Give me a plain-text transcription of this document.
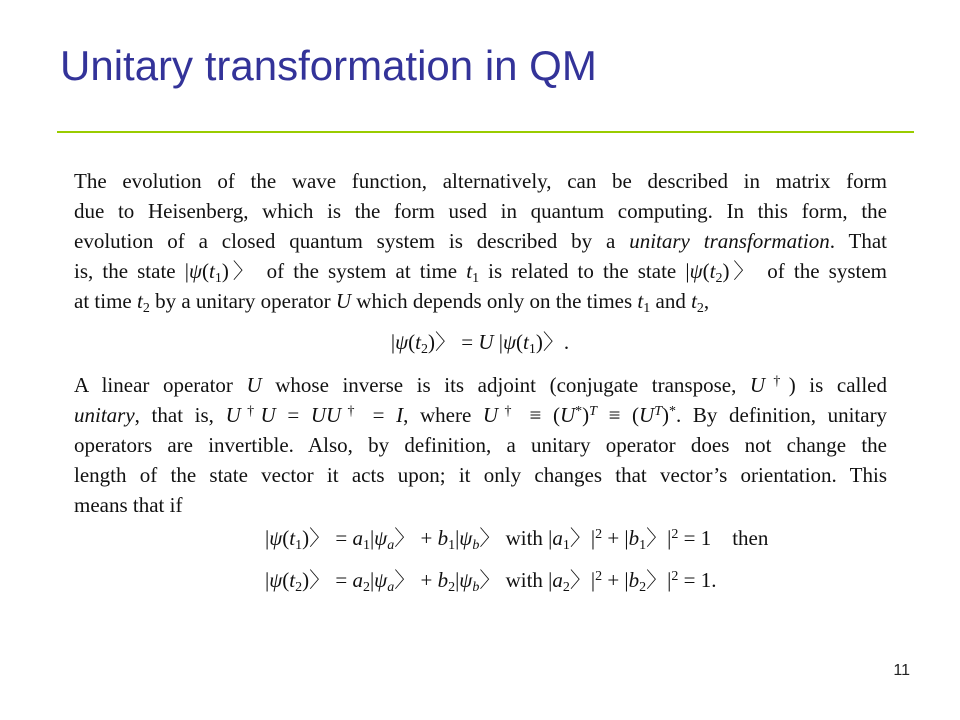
Unitary transformation in QM
The evolution of the wave function, alternatively, can be described in matrix form
due to Heisenberg, which is the form used in quantum computing. In this form, the
evolution of a closed quantum system is described by a unitary transformation. That
is, the state $|\psi(t_1)$〉 of the system at time $t_1$ is related to the state $|\psi(t_2)$〉 of the system
at time $t_2$ by a unitary operator U which depends only on the times $t_1$ and $t_2$,
$|\psi(t_2)$〉 = U $|\psi(t_1)$〉.
A linear operator U whose inverse is its adjoint (conjugate transpose, U†) is called
unitary, that is, U†U = UU† = I, where $U^\dagger \equiv (U^*)^T \equiv (U^T)^*$. By definition, unitary
operators are invertible. Also, by definition, a unitary operator does not change the
length of the state vector it acts upon; it only changes that vector’s orientation. This
means that if
$|\psi(t_1)$〉 = $a_1|\psi_a$〉 + $b_1|\psi_b$〉 with $|a_1$〉$|^2 + |b_1$〉$|^2 = 1$    then
$|\psi(t_2)$〉 = $a_2|\psi_a$〉 + $b_2|\psi_b$〉 with $|a_2$〉$|^2 + |b_2$〉$|^2 = 1$.
11
